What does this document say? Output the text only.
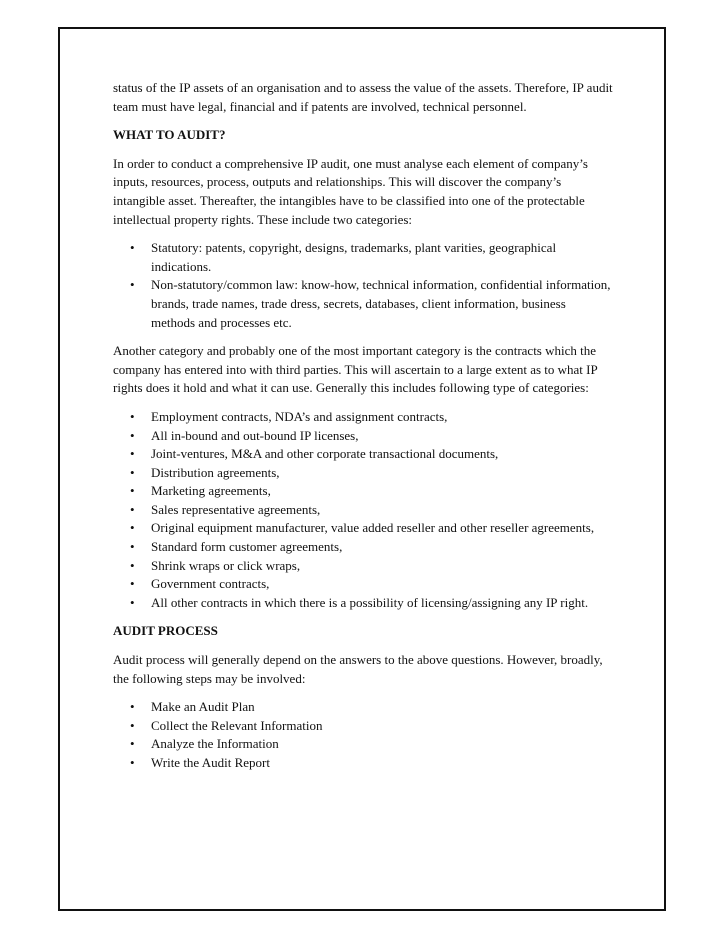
status of the IP assets of an organisation and to assess the value of the assets. Therefore, IP audit team must have legal, financial and if patents are involved, technical personnel.

WHAT TO AUDIT?

In order to conduct a comprehensive IP audit, one must analyse each element of company’s inputs, resources, process, outputs and relationships. This will discover the company’s intangible asset. Thereafter, the intangibles have to be classified into one of the protectable intellectual property rights. These include two categories:

• Statutory: patents, copyright, designs, trademarks, plant varities, geographical indications.
• Non-statutory/common law: know-how, technical information, confidential information, brands, trade names, trade dress, secrets, databases, client information, business methods and processes etc.

Another category and probably one of the most important category is the contracts which the company has entered into with third parties. This will ascertain to a large extent as to what IP rights does it hold and what it can use. Generally this includes following type of categories:

• Employment contracts, NDA’s and assignment contracts,
• All in-bound and out-bound IP licenses,
• Joint-ventures, M&A and other corporate transactional documents,
• Distribution agreements,
• Marketing agreements,
• Sales representative agreements,
• Original equipment manufacturer, value added reseller and other reseller agreements,
• Standard form customer agreements,
• Shrink wraps or click wraps,
• Government contracts,
• All other contracts in which there is a possibility of licensing/assigning any IP right.
AUDIT PROCESS

Audit process will generally depend on the answers to the above questions. However, broadly, the following steps may be involved:

• Make an Audit Plan
• Collect the Relevant Information
• Analyze the Information
• Write the Audit Report
